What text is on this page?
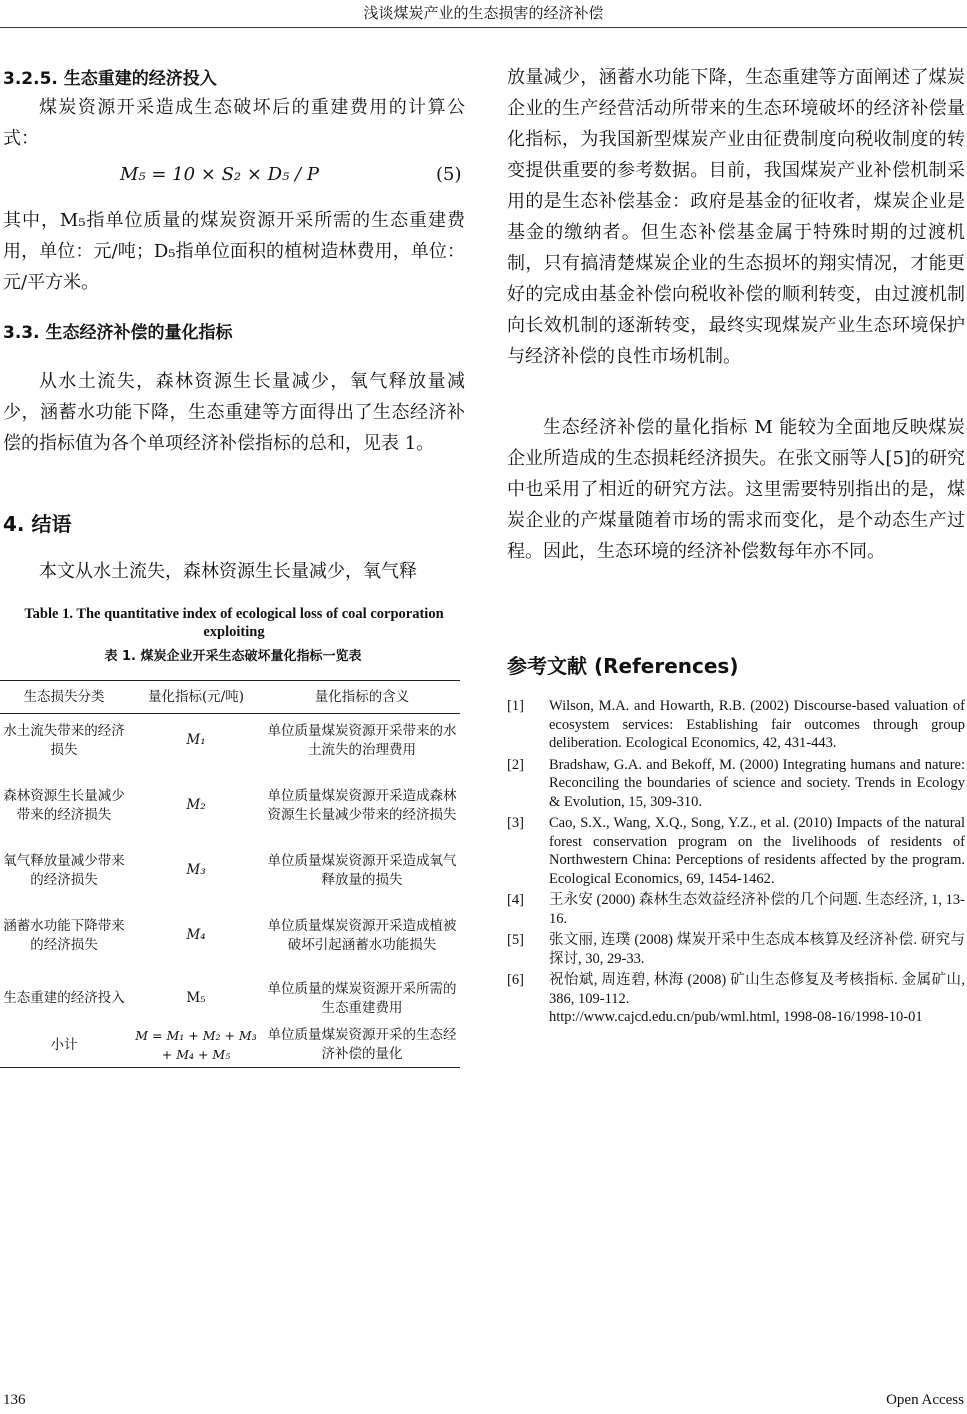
浅谈煤炭产业的生态损害的经济补偿
3.2.5. 生态重建的经济投入
煤炭资源开采造成生态破坏后的重建费用的计算公式：
M₅ = 10 × S₂ × D₅ ∕ P	(5)
其中，M₅指单位质量的煤炭资源开采所需的生态重建费用，单位：元/吨；D₅指单位面积的植树造林费用，单位：元/平方米。
3.3. 生态经济补偿的量化指标
从水土流失，森林资源生长量减少，氧气释放量减少，涵蓄水功能下降，生态重建等方面得出了生态经济补偿的指标值为各个单项经济补偿指标的总和，见表 1。
4. 结语
本文从水土流失，森林资源生长量减少，氧气释
Table 1. The quantitative index of ecological loss of coal corporation exploiting
表 1. 煤炭企业开采生态破坏量化指标一览表
生态损失分类	量化指标(元/吨)	量化指标的含义
水土流失带来的经济损失	M₁	单位质量煤炭资源开采带来的水土流失的治理费用
森林资源生长量减少带来的经济损失	M₂	单位质量煤炭资源开采造成森林资源生长量减少带来的经济损失
氧气释放量减少带来的经济损失	M₃	单位质量煤炭资源开采造成氧气释放量的损失
涵蓄水功能下降带来的经济损失	M₄	单位质量煤炭资源开采造成植被破坏引起涵蓄水功能损失
生态重建的经济投入	M₅	单位质量的煤炭资源开采所需的生态重建费用
小计	M = M₁ + M₂ + M₃ + M₄ + M₅	单位质量煤炭资源开采的生态经济补偿的量化
放量减少，涵蓄水功能下降，生态重建等方面阐述了煤炭企业的生产经营活动所带来的生态环境破坏的经济补偿量化指标，为我国新型煤炭产业由征费制度向税收制度的转变提供重要的参考数据。目前，我国煤炭产业补偿机制采用的是生态补偿基金：政府是基金的征收者，煤炭企业是基金的缴纳者。但生态补偿基金属于特殊时期的过渡机制，只有搞清楚煤炭企业的生态损坏的翔实情况，才能更好的完成由基金补偿向税收补偿的顺利转变，由过渡机制向长效机制的逐渐转变，最终实现煤炭产业生态环境保护与经济补偿的良性市场机制。
生态经济补偿的量化指标 M 能较为全面地反映煤炭企业所造成的生态损耗经济损失。在张文丽等人[5]的研究中也采用了相近的研究方法。这里需要特别指出的是，煤炭企业的产煤量随着市场的需求而变化，是个动态生产过程。因此，生态环境的经济补偿数每年亦不同。
参考文献 (References)
[1] Wilson, M.A. and Howarth, R.B. (2002) Discourse-based valuation of ecosystem services: Establishing fair outcomes through group deliberation. Ecological Economics, 42, 431-443.
[2] Bradshaw, G.A. and Bekoff, M. (2000) Integrating humans and nature: Reconciling the boundaries of science and society. Trends in Ecology & Evolution, 15, 309-310.
[3] Cao, S.X., Wang, X.Q., Song, Y.Z., et al. (2010) Impacts of the natural forest conservation program on the livelihoods of residents of Northwestern China: Perceptions of residents affected by the program. Ecological Economics, 69, 1454-1462.
[4] 王永安 (2000) 森林生态效益经济补偿的几个问题. 生态经济, 1, 13-16.
[5] 张文丽, 连璞 (2008) 煤炭开采中生态成本核算及经济补偿. 研究与探讨, 30, 29-33.
[6] 祝怡斌, 周连碧, 林海 (2008) 矿山生态修复及考核指标. 金属矿山, 386, 109-112.
http://www.cajcd.edu.cn/pub/wml.html, 1998-08-16/1998-10-01
136	Open Access
